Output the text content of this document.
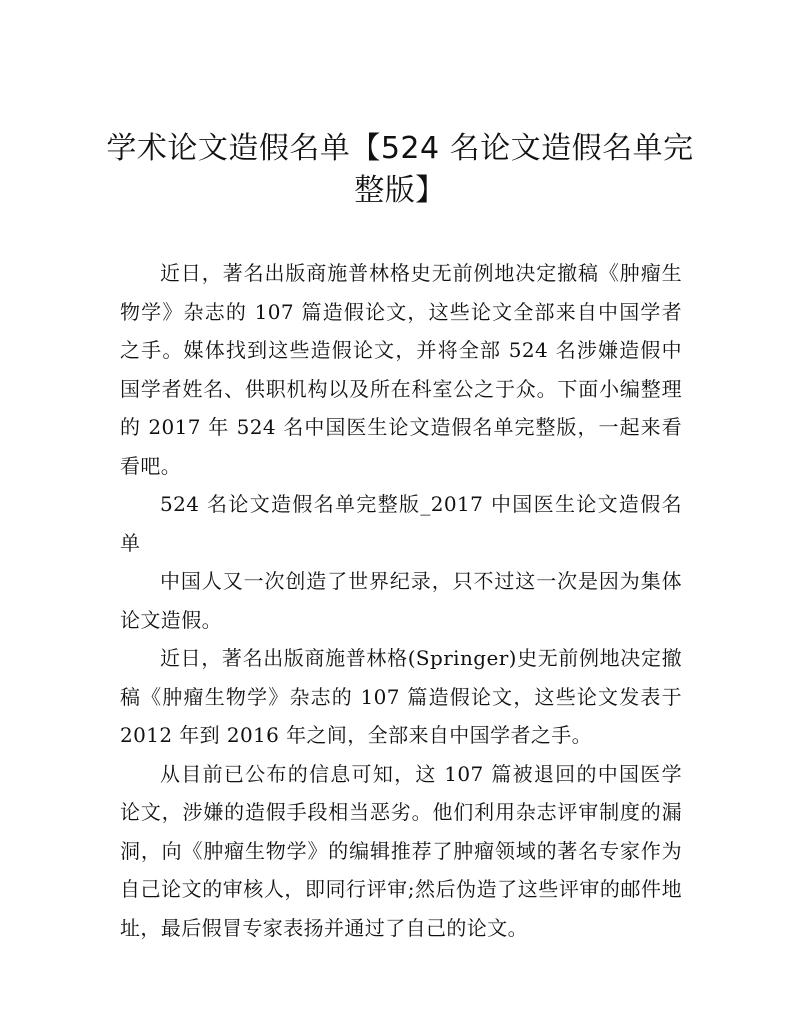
学术论文造假名单【524 名论文造假名单完整版】

近日，著名出版商施普林格史无前例地决定撤稿《肿瘤生物学》杂志的 107 篇造假论文，这些论文全部来自中国学者之手。媒体找到这些造假论文，并将全部 524 名涉嫌造假中国学者姓名、供职机构以及所在科室公之于众。下面小编整理的 2017 年 524 名中国医生论文造假名单完整版，一起来看看吧。

524 名论文造假名单完整版_2017 中国医生论文造假名单

中国人又一次创造了世界纪录，只不过这一次是因为集体论文造假。

近日，著名出版商施普林格(Springer)史无前例地决定撤稿《肿瘤生物学》杂志的 107 篇造假论文，这些论文发表于 2012 年到 2016 年之间，全部来自中国学者之手。

从目前已公布的信息可知，这 107 篇被退回的中国医学论文，涉嫌的造假手段相当恶劣。他们利用杂志评审制度的漏洞，向《肿瘤生物学》的编辑推荐了肿瘤领域的著名专家作为自己论文的审核人，即同行评审;然后伪造了这些评审的邮件地址，最后假冒专家表扬并通过了自己的论文。
